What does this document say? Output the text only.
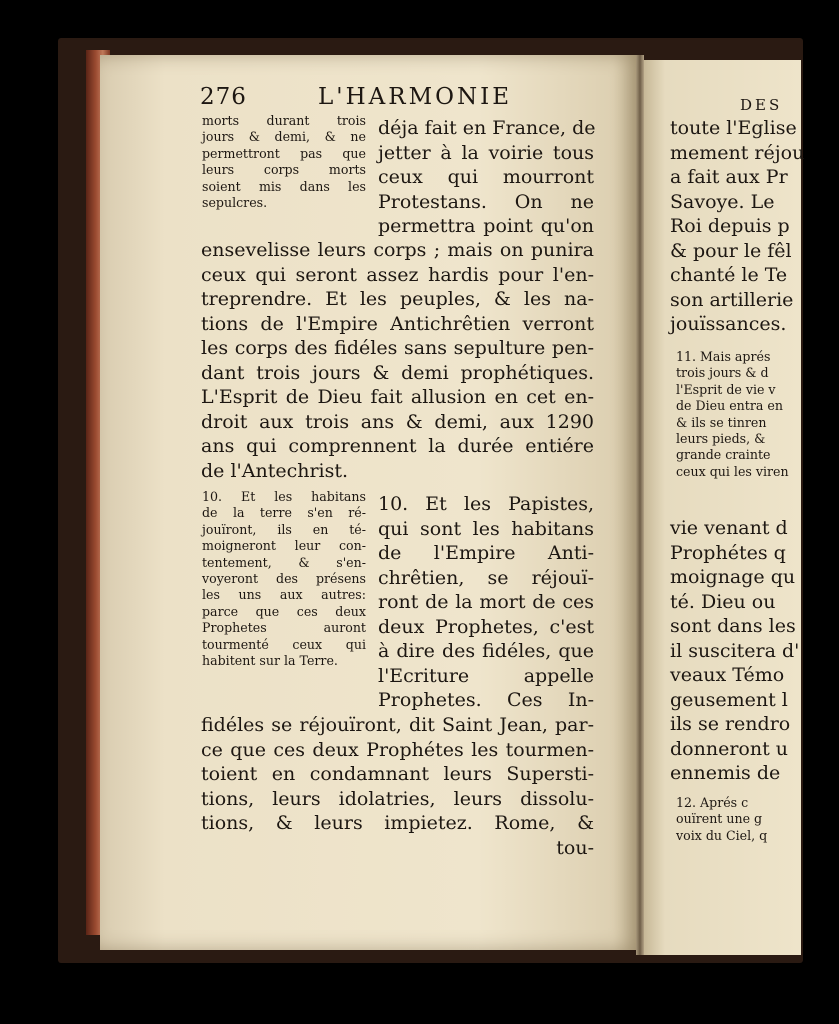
276	L'HARMONIE
morts durant trois
jours & demi, & ne
permettront pas que
leurs corps morts
soient mis dans les
sepulcres.
déja fait en France, de
jetter à la voirie tous
ceux qui mourront
Protestans. On ne
permettra point qu'on
ensevelisse leurs corps ; mais on punira
ceux qui seront assez hardis pour l'en-
treprendre. Et les peuples, & les na-
tions de l'Empire Antichrêtien verront
les corps des fidéles sans sepulture pen-
dant trois jours & demi prophétiques.
L'Esprit de Dieu fait allusion en cet en-
droit aux trois ans & demi, aux 1290
ans qui comprennent la durée entiére
de l'Antechrist.
10. Et les habitans
de la terre s'en ré-
jouïront, ils en té-
moigneront leur con-
tentement, & s'en-
voyeront des présens
les uns aux autres:
parce que ces deux
Prophetes auront
tourmenté ceux qui
habitent sur la Terre.
10. Et les Papistes,
qui sont les habitans
de l'Empire Anti-
chrêtien, se réjouï-
ront de la mort de ces
deux Prophetes, c'est
à dire des fidéles, que
l'Ecriture appelle
Prophetes. Ces In-
fidéles se réjouïront, dit Saint Jean, par-
ce que ces deux Prophétes les tourmen-
toient en condamnant leurs Supersti-
tions, leurs idolatries, leurs dissolu-
tions, & leurs impietez. Rome, &
tou-
DES
toute l'Eglise
mement réjou
a fait aux Pr
Savoye. Le
Roi depuis p
& pour le fêl
chanté le Te
son artillerie
jouïssances.
11. Mais aprés
trois jours & d
l'Esprit de vie v
de Dieu entra en
& ils se tinren
leurs pieds, &
grande crainte
ceux qui les viren
vie venant d
Prophétes q
moignage qu
té. Dieu ou
sont dans les
il suscitera d'
veaux Témo
geusement l
ils se rendro
donneront u
ennemis de
12. Aprés c
ouïrent une g
voix du Ciel, q
